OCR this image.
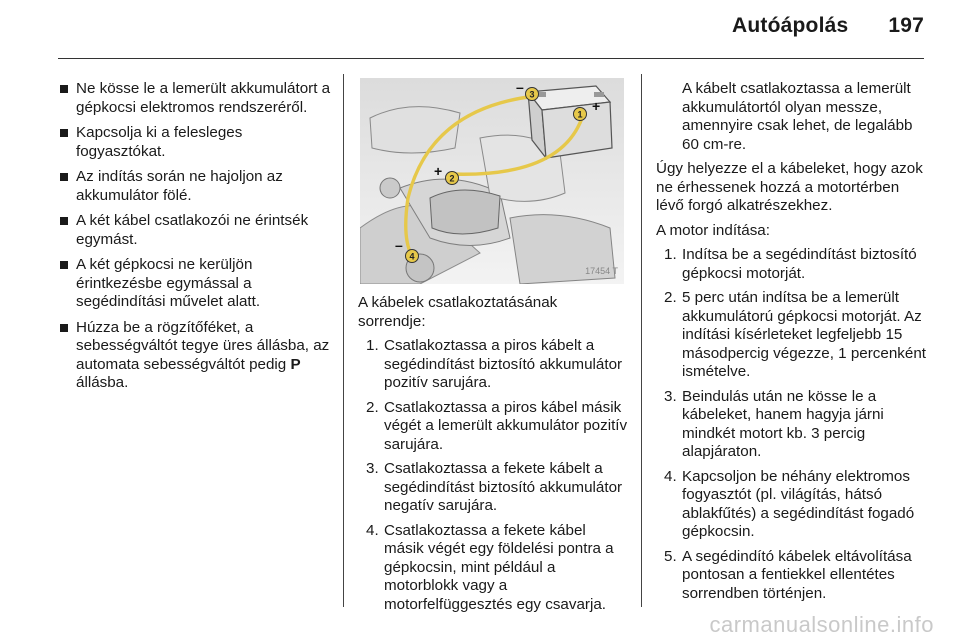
Autóápolás 197
Ne kösse le a lemerült akkumulátort a gépkocsi elektromos rendszeréről.
Kapcsolja ki a felesleges fogyasztókat.
Az indítás során ne hajoljon az akkumulátor fölé.
A két kábel csatlakozói ne érintsék egymást.
A két gépkocsi ne kerüljön érintkezésbe egymással a segédindítási művelet alatt.
Húzza be a rögzítőféket, a sebességváltót tegye üres állásba, az automata sebességváltót pedig P állásba.
1
2
3
4
+
+
–
–
17454 T

A kábelek csatlakoztatásának sorrendje:

1. Csatlakoztassa a piros kábelt a segédindítást biztosító akkumulátor pozitív sarujára.
2. Csatlakoztassa a piros kábel másik végét a lemerült akkumulátor pozitív sarujára.
3. Csatlakoztassa a fekete kábelt a segédindítást biztosító akkumulátor negatív sarujára.
4. Csatlakoztassa a fekete kábel másik végét egy földelési pontra a gépkocsin, mint például a motorblokk vagy a motorfelfüggesztés egy csavarja.

A kábelt csatlakoztassa a lemerült akkumulátortól olyan messze, amennyire csak lehet, de legalább 60 cm-re.

Úgy helyezze el a kábeleket, hogy azok ne érhessenek hozzá a motortérben lévő forgó alkatrészekhez.

A motor indítása:

1. Indítsa be a segédindítást biztosító gépkocsi motorját.
2. 5 perc után indítsa be a lemerült akkumulátorú gépkocsi motorját. Az indítási kísérleteket legfeljebb 15 másodpercig végezze, 1 percenként ismételve.
3. Beindulás után ne kösse le a kábeleket, hanem hagyja járni mindkét motort kb. 3 percig alapjáraton.
4. Kapcsoljon be néhány elektromos fogyasztót (pl. világítás, hátsó ablakfűtés) a segédindítást fogadó gépkocsin.
5. A segédindító kábelek eltávolítása pontosan a fentiekkel ellentétes sorrendben történjen.
carmanualsonline.info
